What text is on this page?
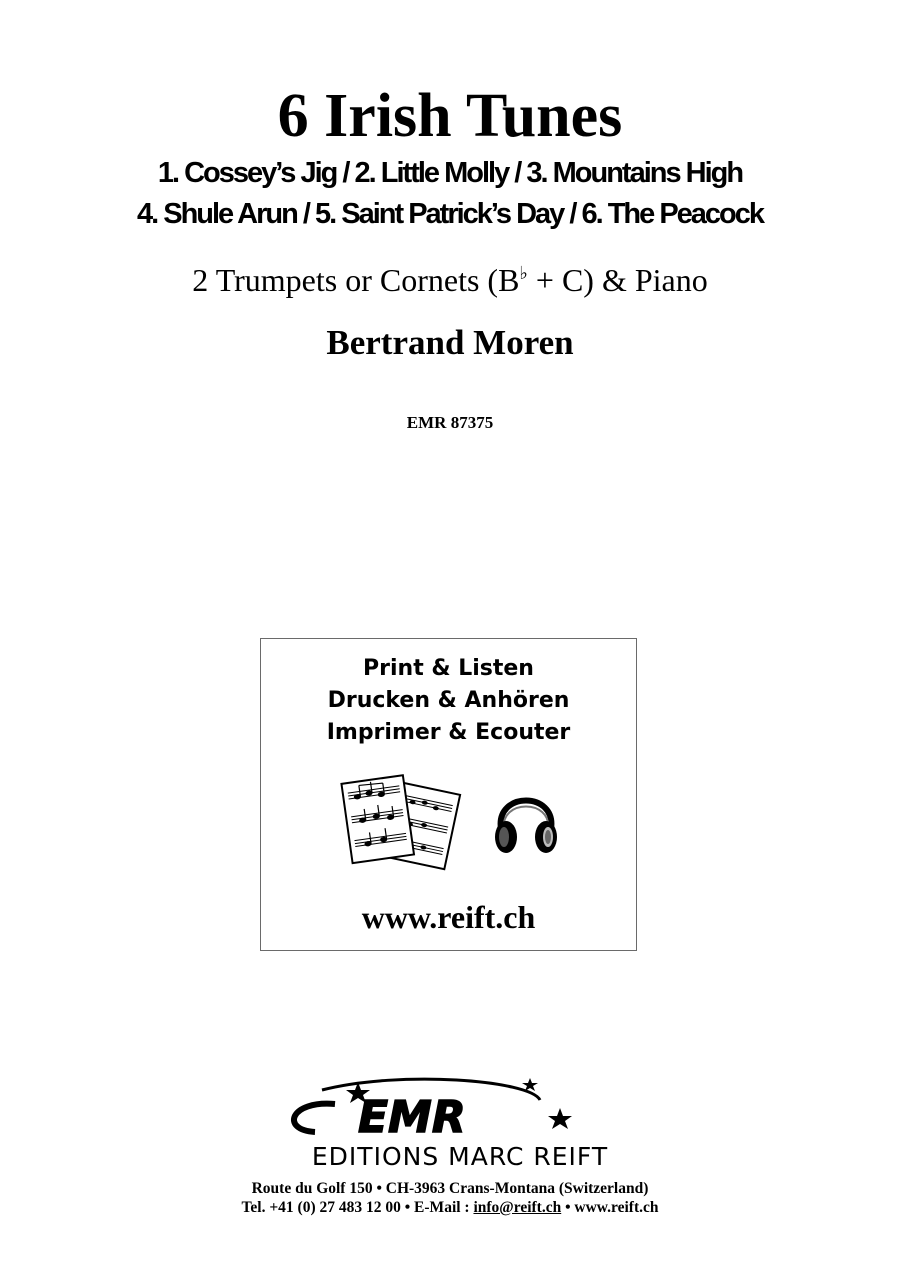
6 Irish Tunes
1. Cossey’s Jig / 2. Little Molly / 3. Mountains High
4. Shule Arun / 5. Saint Patrick’s Day / 6. The Peacock
2 Trumpets or Cornets (B♭ + C) & Piano
Bertrand Moren
EMR 87375
Print & Listen
Drucken & Anhören
Imprimer & Ecouter
www.reift.ch
EMR
EDITIONS MARC REIFT
Route du Golf 150 • CH-3963 Crans-Montana (Switzerland)
Tel. +41 (0) 27 483 12 00 • E-Mail : info@reift.ch • www.reift.ch
